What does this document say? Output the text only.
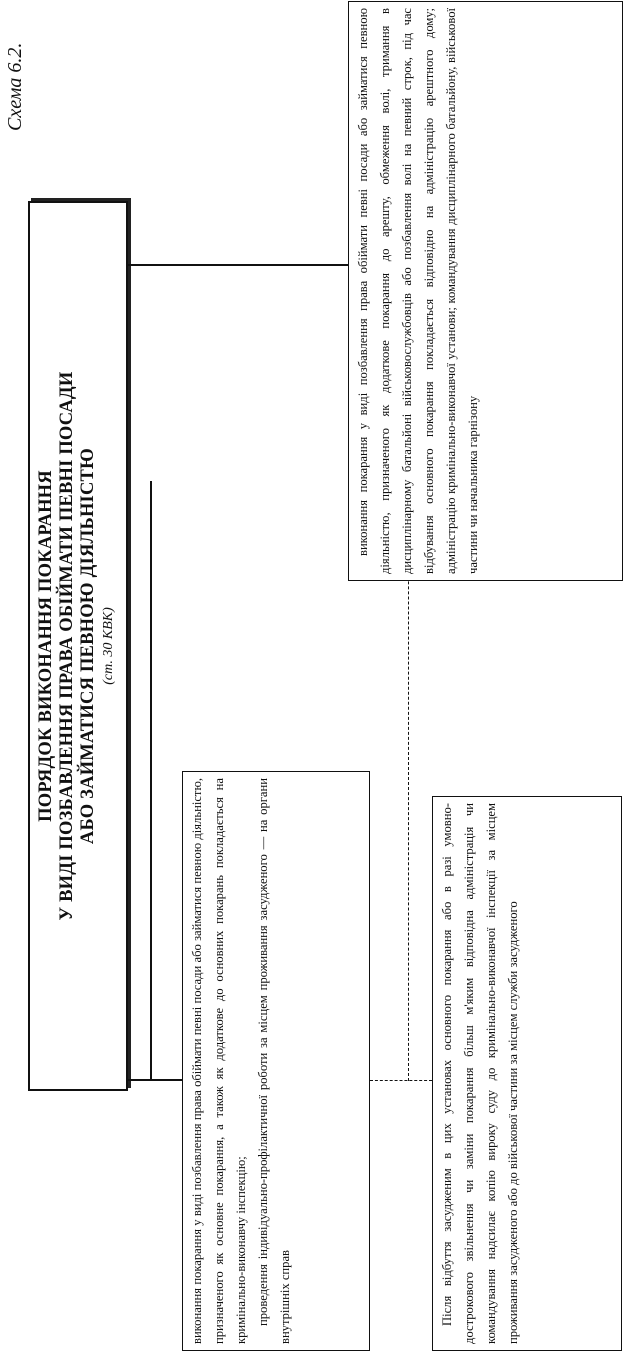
Схема 6.2.
ПОРЯДОК ВИКОНАННЯ ПОКАРАННЯ У ВИДІ ПОЗБАВЛЕННЯ ПРАВА ОБІЙМАТИ ПЕВНІ ПОСАДИ АБО ЗАЙМАТИСЯ ПЕВНОЮ ДІЯЛЬНІСТЮ (ст. 30 КВК)

виконання покарання у виді позбавлення права обіймати певні посади або займатися певною діяльністю, призначеного як основне покарання, а також як додаткове до основних покарань покладається на кримінально-виконавчу інспекцію; проведення індивідуально-профілактичної роботи за місцем проживання засудженого — на органи внутрішніх справ

виконання покарання у виді позбавлення права обіймати певні посади або займатися певною діяльністю, призначеного як додаткове покарання до арешту, обмеження волі, тримання в дисциплінарному батальйоні військовослужбовців або позбавлення волі на певний строк, під час відбування основного покарання покладається відповідно на адміністрацію арештного дому; адміністрацію кримінально-виконавчої установи; командування дисциплінарного батальйону, військової частини чи начальника гарнізону

Після відбуття засудженим в цих установах основного покарання або в разі умовно-дострокового звільнення чи заміни покарання більш м'яким відповідна адміністрація чи командування надсилає копію вироку суду до кримінально-виконавчої інспекції за місцем проживання засудженого або до військової частини за місцем служби засудженого
